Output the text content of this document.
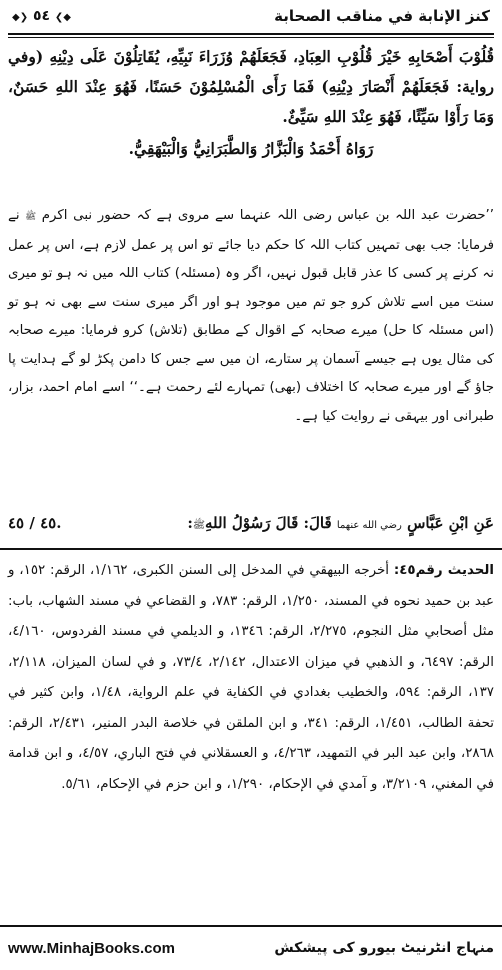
◆❯ ٥٤ ❮◆	كنز الإنابة في مناقب الصحابة
قُلُوْبَ أَصْحَابِهِ خَيْرَ قُلُوْبِ العِبَادِ، فَجَعَلَهُمْ وُزَرَاءَ نَبِيِّهِ، يُقَاتِلُوْنَ عَلَى دِيْنِهِ (وفي رواية: فَجَعَلَهُمْ أَنْصَارَ دِيْنِهِ) فَمَا رَأَى الْمُسْلِمُوْنَ حَسَنًا، فَهُوَ عِنْدَ اللهِ حَسَنٌ، وَمَا رَأَوْا سَيِّئًا، فَهُوَ عِنْدَ اللهِ سَيِّئٌ.
رَوَاهُ أَحْمَدُ وَالْبَزَّارُ وَالطَّبَرَانِيُّ وَالْبَيْهَقِيُّ.
’’حضرت عبد اللہ بن عباس رضی اللہ عنہما سے مروی ہے کہ حضور نبی اکرم ﷺ نے فرمایا: جب بھی تمہیں کتاب اللہ کا حکم دیا جائے تو اس پر عمل لازم ہے، اس پر عمل نہ کرنے پر کسی کا عذر قابل قبول نہیں، اگر وہ (مسئلہ) کتاب اللہ میں نہ ہو تو میری سنت میں اسے تلاش کرو جو تم میں موجود ہو اور اگر میری سنت سے بھی نہ ہو تو (اس مسئلہ کا حل) میرے صحابہ کے اقوال کے مطابق (تلاش) کرو فرمایا: میرے صحابہ کی مثال یوں ہے جیسے آسمان پر ستارے، ان میں سے جس کا دامن پکڑ لو گے ہدایت پا جاؤ گے اور میرے صحابہ کا اختلاف (بھی) تمہارے لئے رحمت ہے۔‘‘ اسے امام احمد، بزار، طبرانی اور بیہقی نے روایت کیا ہے۔
عَنِ ابْنِ عَبَّاسٍ رضي الله عنهما قَالَ: قَالَ رَسُوْلُ اللهِﷺ:
٤٥ / ٤٥.
الحديث رقم٤٥: أخرجه البيهقي في المدخل إلى السنن الكبرى، ١/١٦٢، الرقم: ١٥٢، و عبد بن حميد نحوه في المسند، ١/٢٥٠، الرقم: ٧٨٣، و القضاعي في مسند الشهاب، باب: مثل أصحابي مثل النجوم، ٢/٢٧٥، الرقم: ١٣٤٦، و الديلمي في مسند الفردوس، ٤/١٦٠، الرقم: ٦٤٩٧، و الذهبي في ميزان الاعتدال، ٢/١٤٢، ٧٣/٤، و في لسان الميزان، ٢/١١٨، ١٣٧، الرقم: ٥٩٤، والخطيب بغدادي في الكفاية في علم الرواية، ١/٤٨، وابن كثير في تحفة الطالب، ١/٤٥١، الرقم: ٣٤١، و ابن الملقن في خلاصة البدر المنير، ٢/٤٣١، الرقم: ٢٨٦٨، وابن عبد البر في التمهيد، ٤/٢٦٣، و العسقلاني في فتح الباري، ٤/٥٧، و ابن قدامة في المغني، ٣/٢١٠٩، و آمدي في الإحكام، ١/٢٩٠، و ابن حزم في الإحكام، ٥/٦١.
www.MinhajBooks.com	منہاج انٹرنیٹ بیورو کی پیشکش
